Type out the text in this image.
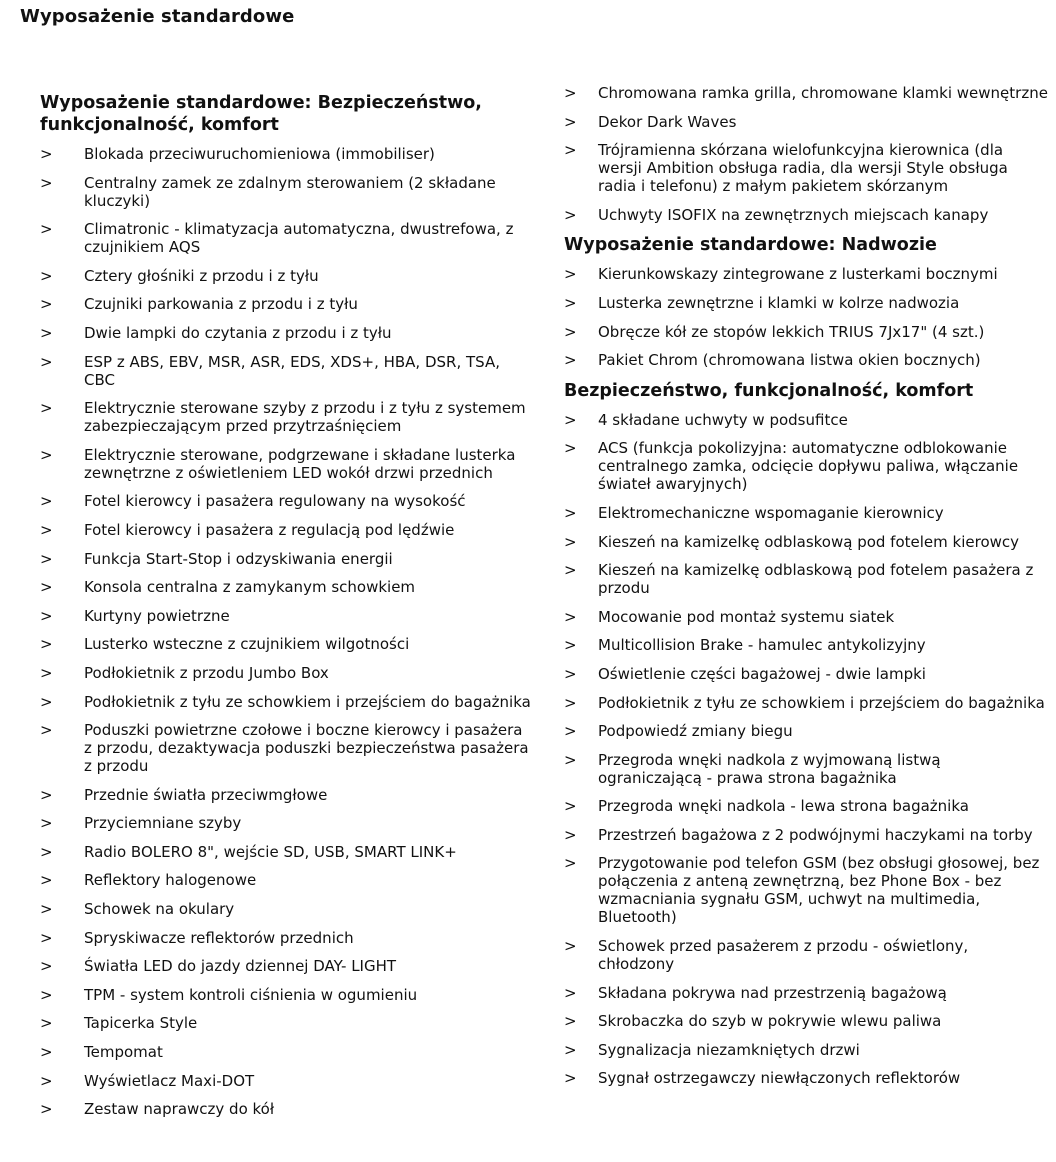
Wyposażenie standardowe
Wyposażenie standardowe: Bezpieczeństwo, funkcjonalność, komfort
> Blokada przeciwuruchomieniowa (immobiliser)
> Centralny zamek ze zdalnym sterowaniem (2 składane kluczyki)
> Climatronic - klimatyzacja automatyczna, dwustrefowa, z czujnikiem AQS
> Cztery głośniki z przodu i z tyłu
> Czujniki parkowania z przodu i z tyłu
> Dwie lampki do czytania z przodu i z tyłu
> ESP z ABS, EBV, MSR, ASR, EDS, XDS+, HBA, DSR, TSA, CBC
> Elektrycznie sterowane szyby z przodu i z tyłu z systemem zabezpieczającym przed przytrzaśnięciem
> Elektrycznie sterowane, podgrzewane i składane lusterka zewnętrzne z oświetleniem LED wokół drzwi przednich
> Fotel kierowcy i pasażera regulowany na wysokość
> Fotel kierowcy i pasażera z regulacją pod lędźwie
> Funkcja Start-Stop i odzyskiwania energii
> Konsola centralna z zamykanym schowkiem
> Kurtyny powietrzne
> Lusterko wsteczne z czujnikiem wilgotności
> Podłokietnik z przodu Jumbo Box
> Podłokietnik z tyłu ze schowkiem i przejściem do bagażnika
> Poduszki powietrzne czołowe i boczne kierowcy i pasażera z przodu, dezaktywacja poduszki bezpieczeństwa pasażera z przodu
> Przednie światła przeciwmgłowe
> Przyciemniane szyby
> Radio BOLERO 8", wejście SD, USB, SMART LINK+
> Reflektory halogenowe
> Schowek na okulary
> Spryskiwacze reflektorów przednich
> Światła LED do jazdy dziennej DAY- LIGHT
> TPM - system kontroli ciśnienia w ogumieniu
> Tapicerka Style
> Tempomat
> Wyświetlacz Maxi-DOT
> Zestaw naprawczy do kół
> Chromowana ramka grilla, chromowane klamki wewnętrzne
> Dekor Dark Waves
> Trójramienna skórzana wielofunkcyjna kierownica (dla wersji Ambition obsługa radia, dla wersji Style obsługa radia i telefonu) z małym pakietem skórzanym
> Uchwyty ISOFIX na zewnętrznych miejscach kanapy
Wyposażenie standardowe: Nadwozie
> Kierunkowskazy zintegrowane z lusterkami bocznymi
> Lusterka zewnętrzne i klamki w kolrze nadwozia
> Obręcze kół ze stopów lekkich TRIUS 7Jx17" (4 szt.)
> Pakiet Chrom (chromowana listwa okien bocznych)
Bezpieczeństwo, funkcjonalność, komfort
> 4 składane uchwyty w podsufitce
> ACS (funkcja pokolizyjna: automatyczne odblokowanie centralnego zamka, odcięcie dopływu paliwa, włączanie świateł awaryjnych)
> Elektromechaniczne wspomaganie kierownicy
> Kieszeń na kamizelkę odblaskową pod fotelem kierowcy
> Kieszeń na kamizelkę odblaskową pod fotelem pasażera z przodu
> Mocowanie pod montaż systemu siatek
> Multicollision Brake - hamulec antykolizyjny
> Oświetlenie części bagażowej - dwie lampki
> Podłokietnik z tyłu ze schowkiem i przejściem do bagażnika
> Podpowiedź zmiany biegu
> Przegroda wnęki nadkola z wyjmowaną listwą ograniczającą - prawa strona bagażnika
> Przegroda wnęki nadkola - lewa strona bagażnika
> Przestrzeń bagażowa z 2 podwójnymi haczykami na torby
> Przygotowanie pod telefon GSM (bez obsługi głosowej, bez połączenia z anteną zewnętrzną, bez Phone Box - bez wzmacniania sygnału GSM, uchwyt na multimedia, Bluetooth)
> Schowek przed pasażerem z przodu - oświetlony, chłodzony
> Składana pokrywa nad przestrzenią bagażową
> Skrobaczka do szyb w pokrywie wlewu paliwa
> Sygnalizacja niezamkniętych drzwi
> Sygnał ostrzegawczy niewłączonych reflektorów
